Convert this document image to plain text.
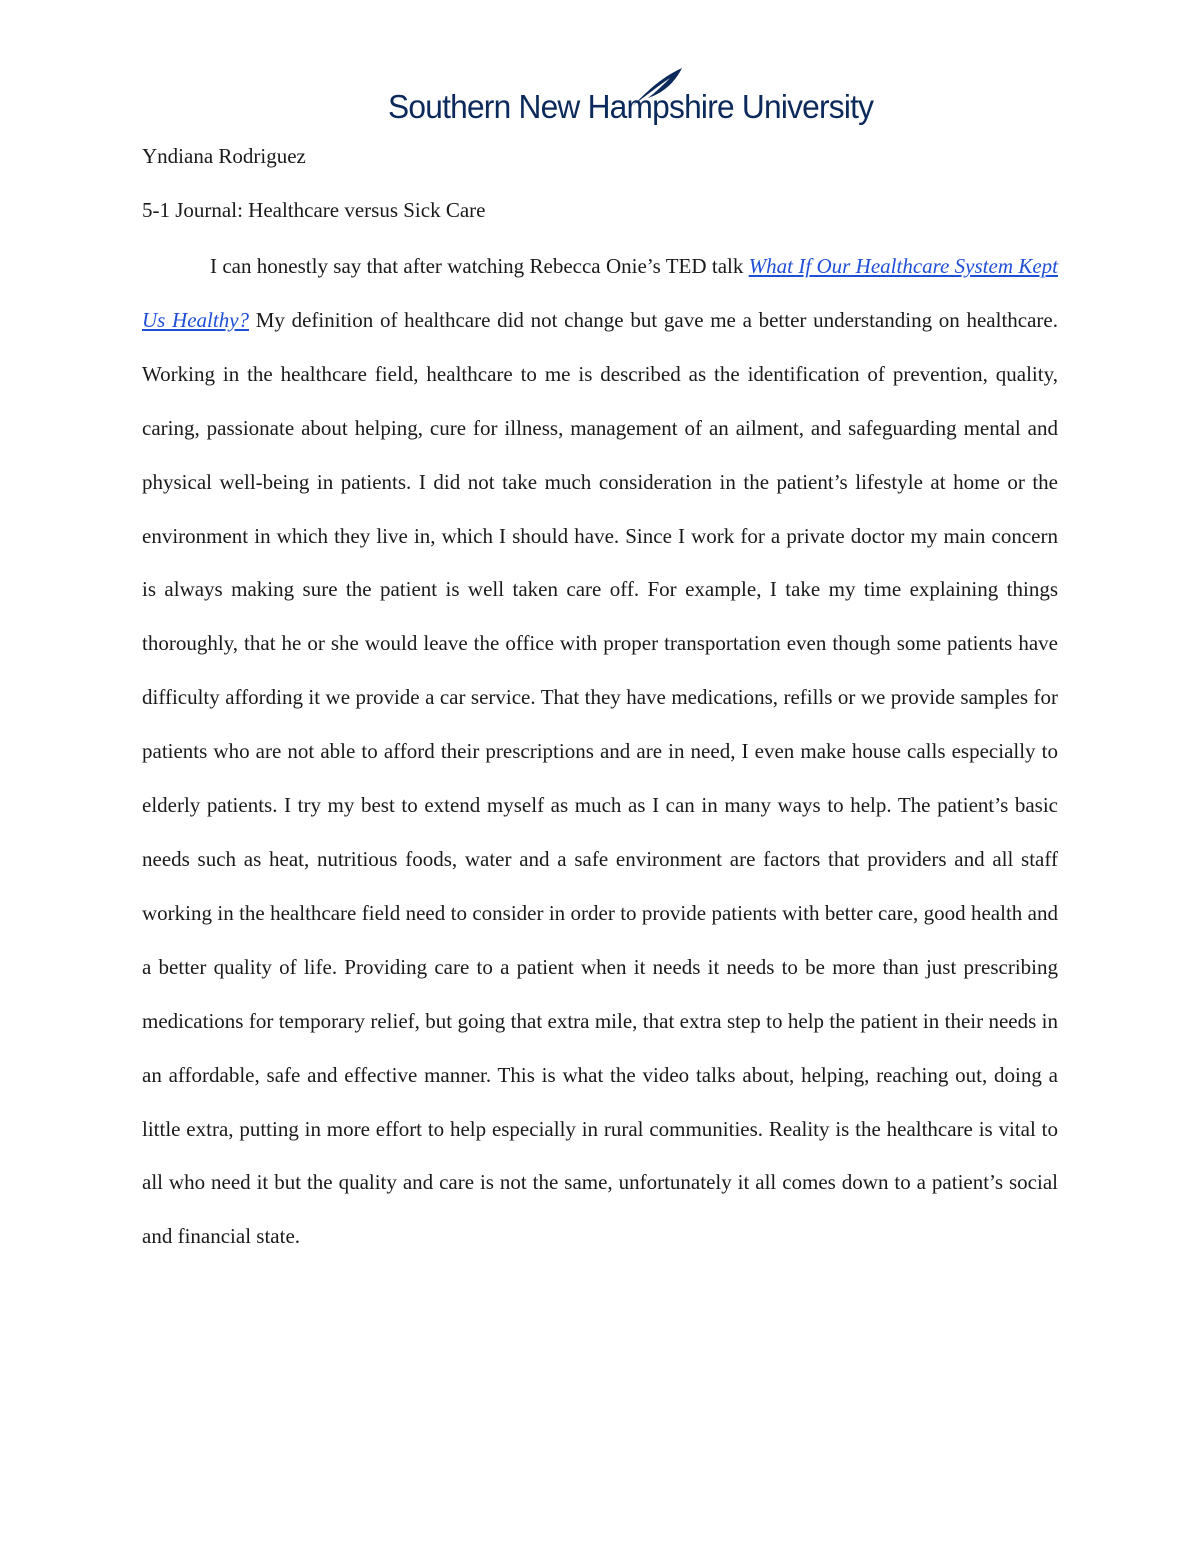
Southern New Hampshire University
Yndiana Rodriguez
5-1 Journal: Healthcare versus Sick Care

I can honestly say that after watching Rebecca Onie’s TED talk What If Our Healthcare System Kept Us Healthy? My definition of healthcare did not change but gave me a better understanding on healthcare. Working in the healthcare field, healthcare to me is described as the identification of prevention, quality, caring, passionate about helping, cure for illness, management of an ailment, and safeguarding mental and physical well-being in patients. I did not take much consideration in the patient’s lifestyle at home or the environment in which they live in, which I should have. Since I work for a private doctor my main concern is always making sure the patient is well taken care off. For example, I take my time explaining things thoroughly, that he or she would leave the office with proper transportation even though some patients have difficulty affording it we provide a car service. That they have medications, refills or we provide samples for patients who are not able to afford their prescriptions and are in need, I even make house calls especially to elderly patients. I try my best to extend myself as much as I can in many ways to help. The patient’s basic needs such as heat, nutritious foods, water and a safe environment are factors that providers and all staff working in the healthcare field need to consider in order to provide patients with better care, good health and a better quality of life. Providing care to a patient when it needs it needs to be more than just prescribing medications for temporary relief, but going that extra mile, that extra step to help the patient in their needs in an affordable, safe and effective manner. This is what the video talks about, helping, reaching out, doing a little extra, putting in more effort to help especially in rural communities. Reality is the healthcare is vital to all who need it but the quality and care is not the same, unfortunately it all comes down to a patient’s social and financial state.
